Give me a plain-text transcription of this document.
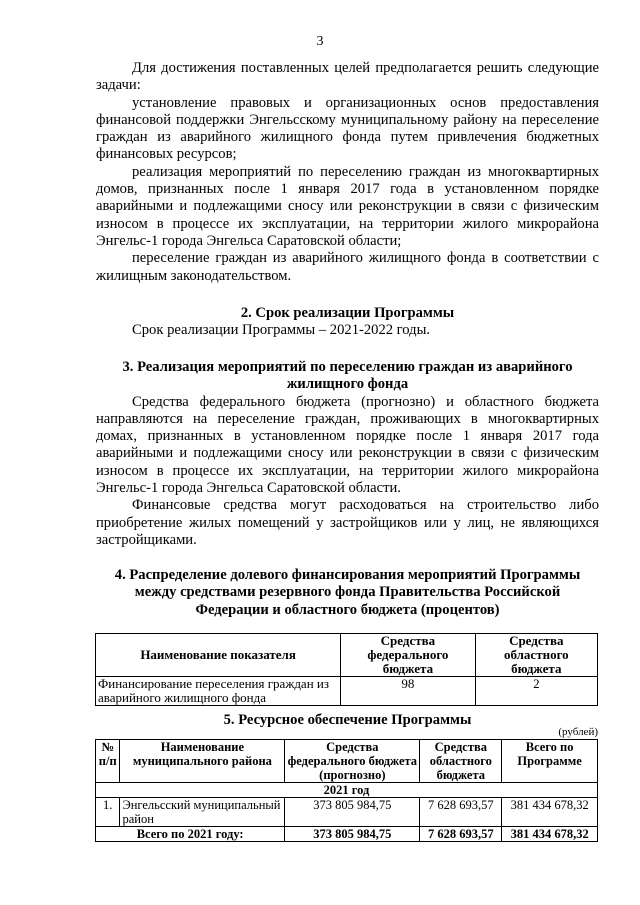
3

Для достижения поставленных целей предполагается решить следующие задачи:

установление правовых и организационных основ предоставления финансовой поддержки Энгельсскому муниципальному району на переселение граждан из аварийного жилищного фонда путем привлечения бюджетных финансовых ресурсов;

реализация мероприятий по переселению граждан из многоквартирных домов, признанных после 1 января 2017 года в установленном порядке аварийными и подлежащими сносу или реконструкции в связи с физическим износом в процессе их эксплуатации, на территории жилого микрорайона Энгельс-1 города Энгельса Саратовской области;

переселение граждан из аварийного жилищного фонда в соответствии с жилищным законодательством.

2. Срок реализации Программы

Срок реализации Программы – 2021-2022 годы.

3. Реализация мероприятий по переселению граждан из аварийного

жилищного фонда

Средства федерального бюджета (прогнозно) и областного бюджета направляются на переселение граждан, проживающих в многоквартирных домах, признанных в установленном порядке после 1 января 2017 года аварийными и подлежащими сносу или реконструкции в связи с физическим износом в процессе их эксплуатации, на территории жилого микрорайона Энгельс-1 города Энгельса Саратовской области.

Финансовые средства могут расходоваться на строительство либо приобретение жилых помещений у застройщиков или у лиц, не являющихся застройщиками.

4. Распределение долевого финансирования мероприятий Программы

между средствами резервного фонда Правительства Российской

Федерации и областного бюджета (процентов)

Наименование показателя	Средства федерального бюджета	Средства областного бюджета
Финансирование переселения граждан из аварийного жилищного фонда	98	2

5. Ресурсное обеспечение Программы

(рублей)
№ п/п	Наименование муниципального района	Средства федерального бюджета (прогнозно)	Средства областного бюджета	Всего по Программе
2021 год				
1.	Энгельсский муниципальный район	373 805 984,75	7 628 693,57	381 434 678,32
Всего по 2021 году:		373 805 984,75	7 628 693,57	381 434 678,32
